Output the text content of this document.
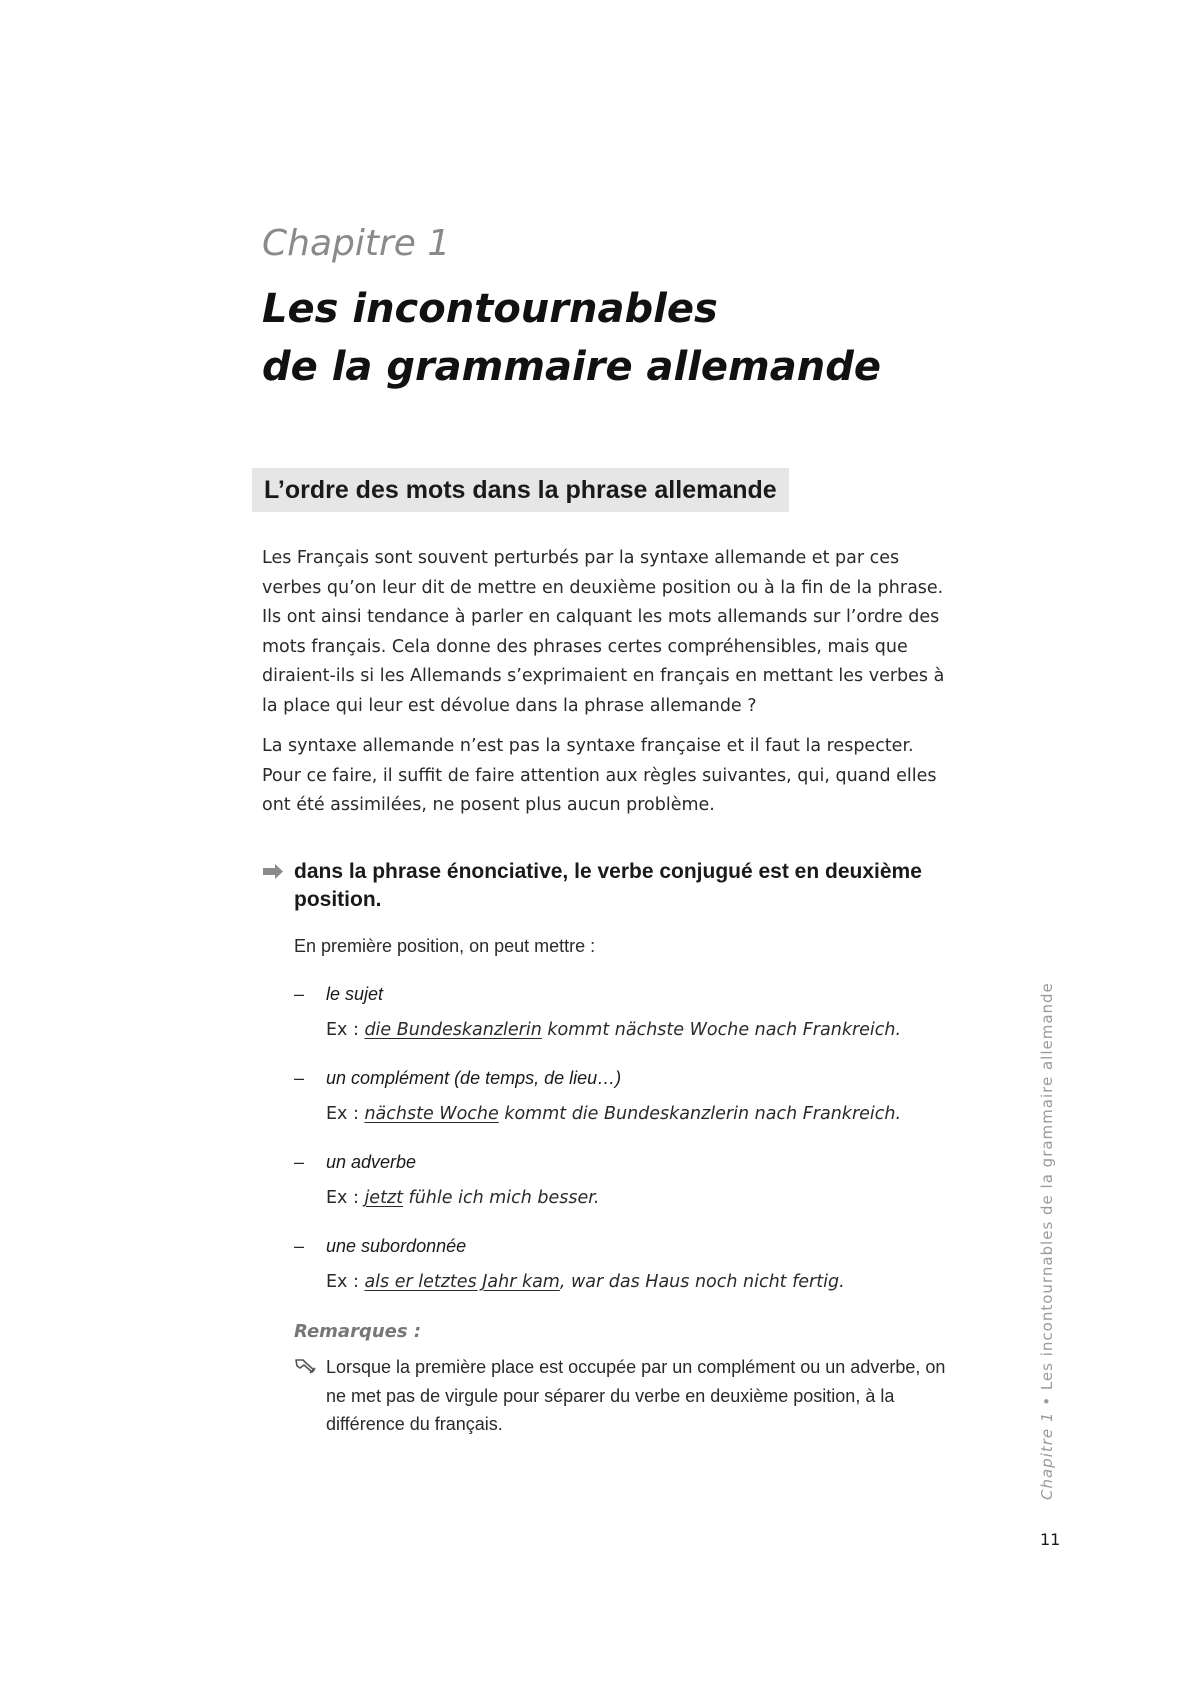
Chapitre 1

Les incontournables
de la grammaire allemande
L’ordre des mots dans la phrase allemande

Les Français sont souvent perturbés par la syntaxe allemande et par ces verbes qu’on leur dit de mettre en deuxième position ou à la fin de la phrase. Ils ont ainsi tendance à parler en calquant les mots allemands sur l’ordre des mots français. Cela donne des phrases certes compréhensibles, mais que diraient-ils si les Allemands s’exprimaient en français en mettant les verbes à la place qui leur est dévolue dans la phrase allemande ?

La syntaxe allemande n’est pas la syntaxe française et il faut la respecter. Pour ce faire, il suffit de faire attention aux règles suivantes, qui, quand elles ont été assimilées, ne posent plus aucun problème.

dans la phrase énonciative, le verbe conjugué est en deuxième position.
En première position, on peut mettre :
–	le sujet
Ex : die Bundeskanzlerin kommt nächste Woche nach Frankreich.
–	un complément (de temps, de lieu…)
Ex : nächste Woche kommt die Bundeskanzlerin nach Frankreich.
–	un adverbe
Ex : jetzt fühle ich mich besser.
–	une subordonnée
Ex : als er letztes Jahr kam, war das Haus noch nicht fertig.
Remarques :
Lorsque la première place est occupée par un complément ou un adverbe, on ne met pas de virgule pour séparer du verbe en deuxième position, à la différence du français.	Chapitre 1 • Les incontournables de la grammaire allemande
11
